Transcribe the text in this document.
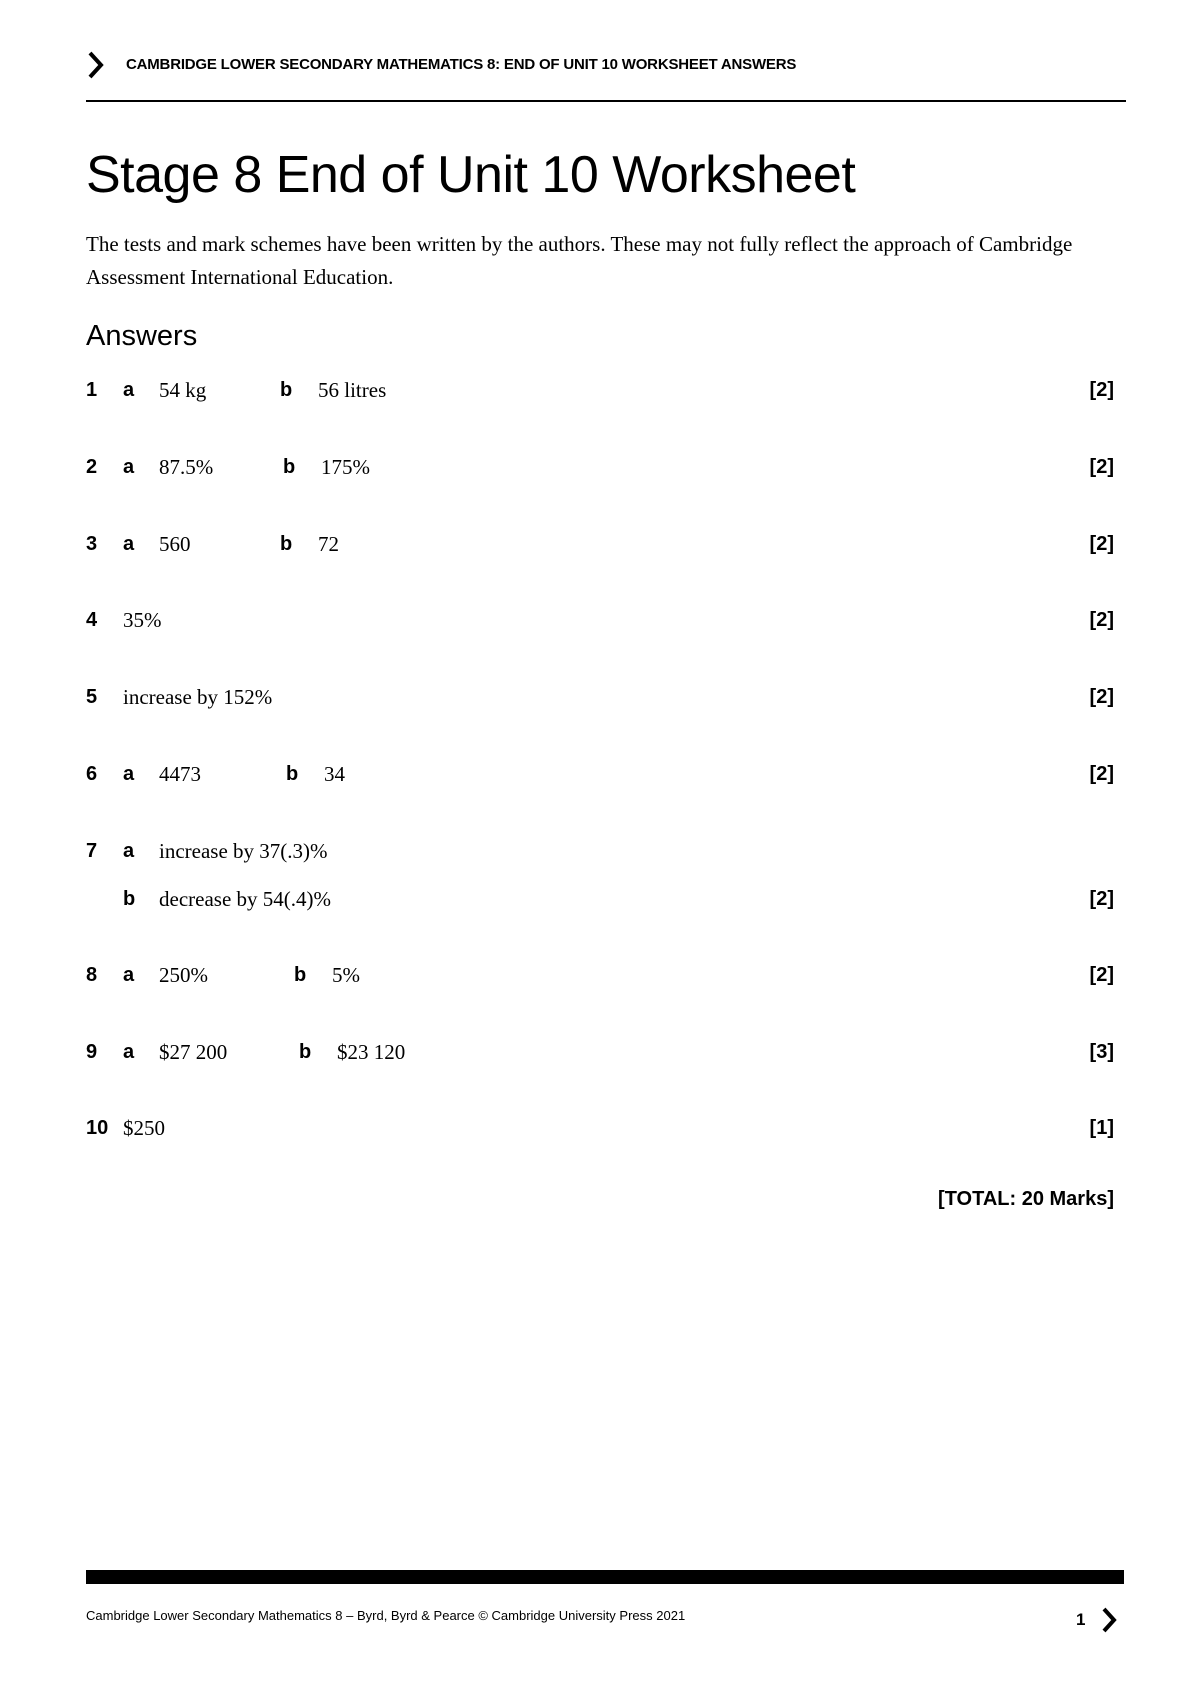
CAMBRIDGE LOWER SECONDARY MATHEMATICS 8: END OF UNIT 10 WORKSHEET ANSWERS
Stage 8 End of Unit 10 Worksheet
The tests and mark schemes have been written by the authors. These may not fully reflect the approach of Cambridge Assessment International Education.
Answers
1 a 54 kg	b 56 litres	[2]
2 a 87.5%	b 175%	[2]
3 a 560	b 72	[2]
4 35%	[2]
5 increase by 152%	[2]
6 a 4473	b 34	[2]
7 a increase by 37(.3)%
b decrease by 54(.4)%	[2]
8 a 250%	b 5%	[2]
9 a $27 200	b $23 120	[3]
10 $250	[1]
[TOTAL: 20 Marks]
Cambridge Lower Secondary Mathematics 8 – Byrd, Byrd & Pearce © Cambridge University Press 2021	1
